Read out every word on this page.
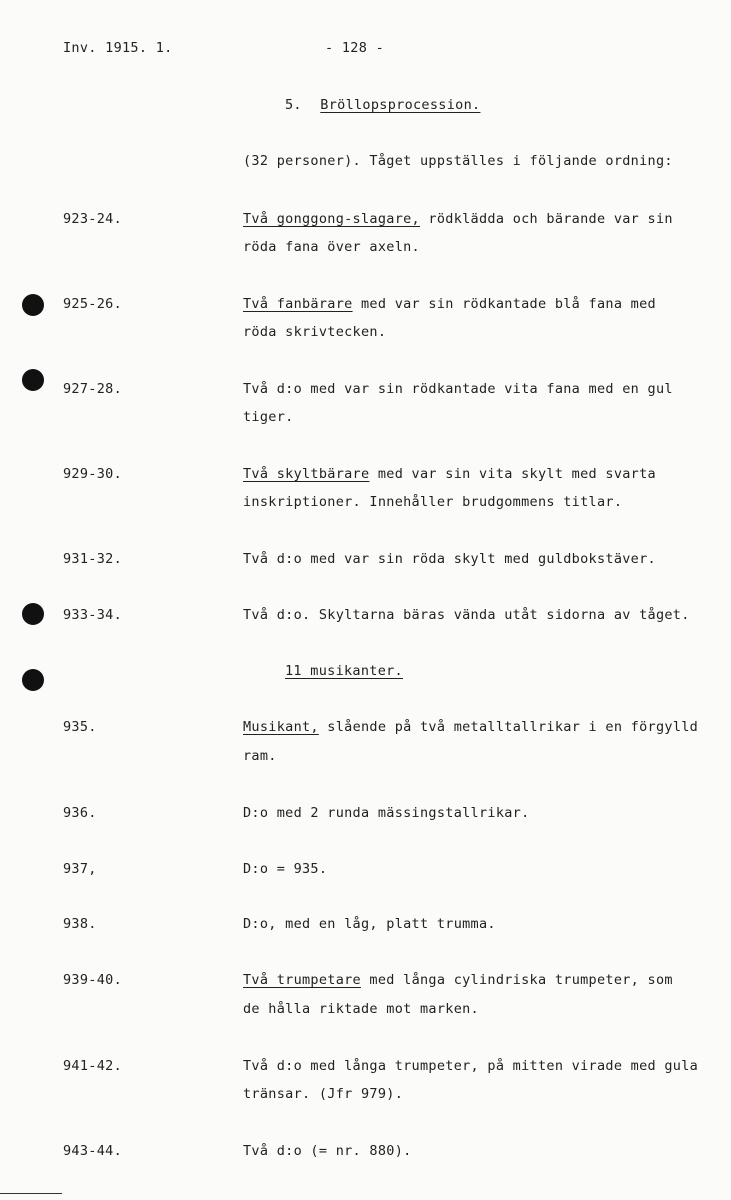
Inv. 1915. 1.	- 128 -
5. Bröllopsprocession.
(32 personer). Tåget uppställes i följande ordning:
923-24.	Två gonggong-slagare, rödklädda och bärande var sin
röda fana över axeln.
925-26.	Två fanbärare med var sin rödkantade blå fana med
röda skrivtecken.
927-28.	Två d:o med var sin rödkantade vita fana med en gul
tiger.
929-30.	Två skyltbärare med var sin vita skylt med svarta
inskriptioner. Innehåller brudgommens titlar.
931-32.	Två d:o med var sin röda skylt med guldbokstäver.
933-34.	Två d:o. Skyltarna bäras vända utåt sidorna av tåget.
11 musikanter.
935.	Musikant, slående på två metalltallrikar i en förgylld
ram.
936.	D:o med 2 runda mässingstallrikar.
937,	D:o = 935.
938.	D:o, med en låg, platt trumma.
939-40.	Två trumpetare med långa cylindriska trumpeter, som
de hålla riktade mot marken.
941-42.	Två d:o med långa trumpeter, på mitten virade med gula
tränsar. (Jfr 979).
943-44.	Två d:o (= nr. 880).
